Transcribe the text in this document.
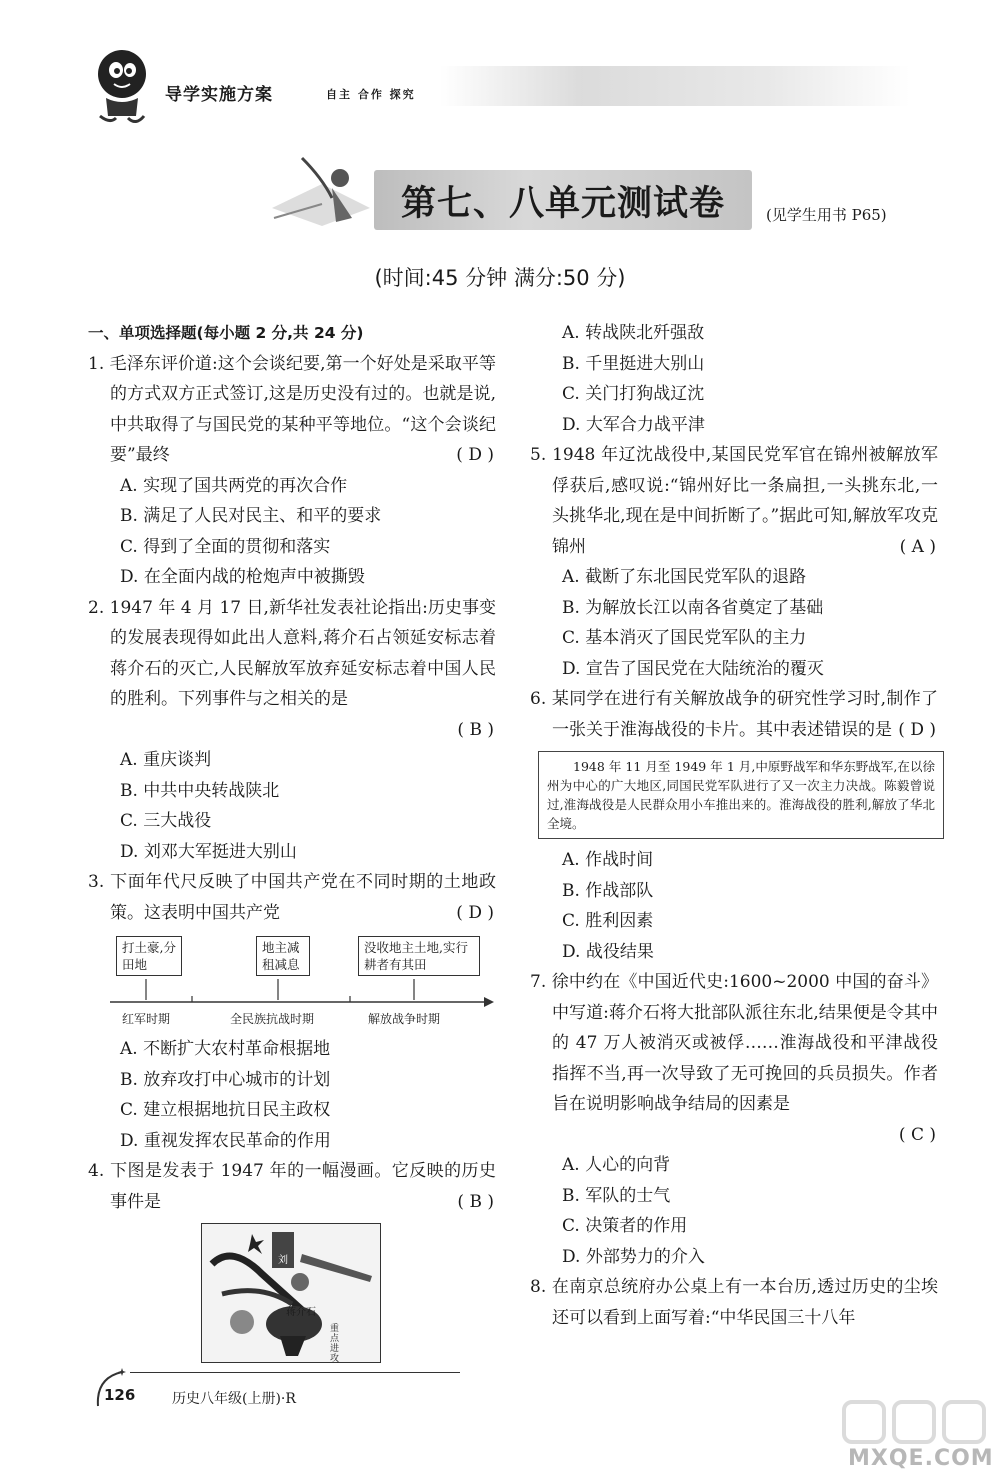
导学实施方案	自主 合作 探究
第七、八单元测试卷	(见学生用书 P65)
(时间:45 分钟 满分:50 分)
一、单项选择题(每小题 2 分,共 24 分)
1. 毛泽东评价道:这个会谈纪要,第一个好处是采取平等的方式双方正式签订,这是历史没有过的。也就是说,中共取得了与国民党的某种平等地位。“这个会谈纪要”最终	( D )
A. 实现了国共两党的再次合作
B. 满足了人民对民主、和平的要求
C. 得到了全面的贯彻和落实
D. 在全面内战的枪炮声中被撕毁
2. 1947 年 4 月 17 日,新华社发表社论指出:历史事变的发展表现得如此出人意料,蒋介石占领延安标志着蒋介石的灭亡,人民解放军放弃延安标志着中国人民的胜利。下列事件与之相关的是
( B )
A. 重庆谈判
B. 中共中央转战陕北
C. 三大战役
D. 刘邓大军挺进大别山
3. 下面年代尺反映了中国共产党在不同时期的土地政策。这表明中国共产党	( D )
打土豪,分田地
地主减租减息
没收地主土地,实行耕者有其田
红军时期	全民族抗战时期	解放战争时期
A. 不断扩大农村革命根据地
B. 放弃攻打中心城市的计划
C. 建立根据地抗日民主政权
D. 重视发挥农民革命的作用
4. 下图是发表于 1947 年的一幅漫画。它反映的历史事件是	( B )
刘
蒋介石
重点进攻
A. 转战陕北歼强敌
B. 千里挺进大别山
C. 关门打狗战辽沈
D. 大军合力战平津
5. 1948 年辽沈战役中,某国民党军官在锦州被解放军俘获后,感叹说:“锦州好比一条扁担,一头挑东北,一头挑华北,现在是中间折断了。”据此可知,解放军攻克锦州	( A )
A. 截断了东北国民党军队的退路
B. 为解放长江以南各省奠定了基础
C. 基本消灭了国民党军队的主力
D. 宣告了国民党在大陆统治的覆灭
6. 某同学在进行有关解放战争的研究性学习时,制作了一张关于淮海战役的卡片。其中表述错误的是 ( D )
1948 年 11 月至 1949 年 1 月,中原野战军和华东野战军,在以徐州为中心的广大地区,同国民党军队进行了又一次主力决战。陈毅曾说过,淮海战役是人民群众用小车推出来的。淮海战役的胜利,解放了华北全境。
A. 作战时间
B. 作战部队
C. 胜利因素
D. 战役结果
7. 徐中约在《中国近代史:1600~2000 中国的奋斗》中写道:蒋介石将大批部队派往东北,结果便是令其中的 47 万人被消灭或被俘……淮海战役和平津战役指挥不当,再一次导致了无可挽回的兵员损失。作者旨在说明影响战争结局的因素是
( C )
A. 人心的向背
B. 军队的士气
C. 决策者的作用
D. 外部势力的介入
8. 在南京总统府办公桌上有一本台历,透过历史的尘埃还可以看到上面写着:“中华民国三十八年
126	历史八年级(上册)·R
MXQE.COM
